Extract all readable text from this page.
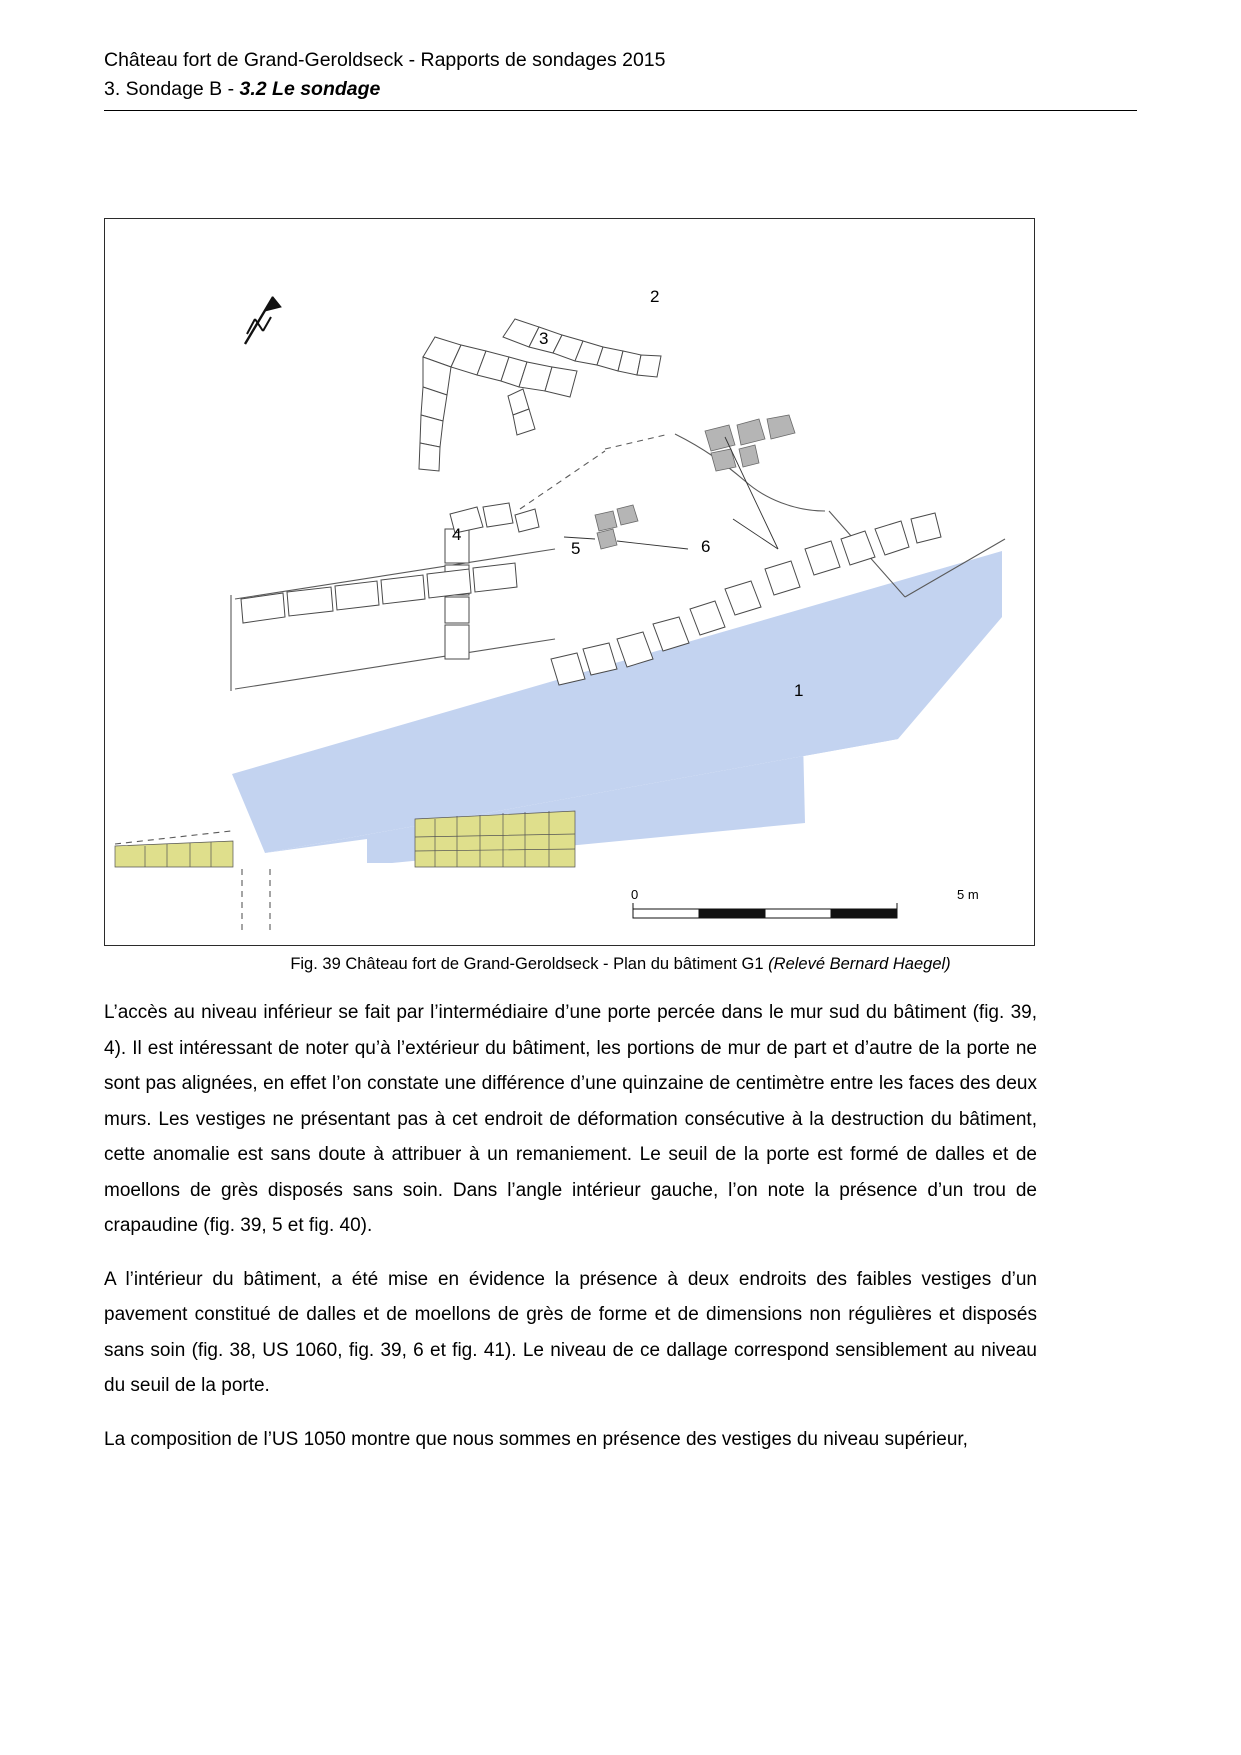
Château fort de Grand-Geroldseck - Rapports de sondages 2015
3. Sondage B - 3.2 Le sondage
1
2
3
4
5	6
0	5 m
Fig. 39 Château fort de Grand-Geroldseck - Plan du bâtiment G1 (Relevé Bernard Haegel)

L’accès au niveau inférieur se fait par l’intermédiaire d’une porte percée dans le mur sud du bâtiment (fig. 39, 4). Il est intéressant de noter qu’à l’extérieur du bâtiment, les portions de mur de part et d’autre de la porte ne sont pas alignées, en effet l’on constate une différence d’une quinzaine de centimètre entre les faces des deux murs. Les vestiges ne présentant pas à cet endroit de déformation consécutive à la destruction du bâtiment, cette anomalie est sans doute à attribuer à un remaniement. Le seuil de la porte est formé de dalles et de moellons de grès disposés sans soin. Dans l’angle intérieur gauche, l’on note la présence d’un trou de crapaudine (fig. 39, 5 et fig. 40).

A l’intérieur du bâtiment, a été mise en évidence la présence à deux endroits des faibles vestiges d’un pavement constitué de dalles et de moellons de grès de forme et de dimensions non régulières et disposés sans soin (fig. 38, US 1060, fig. 39, 6 et fig. 41). Le niveau de ce dallage correspond sensiblement au niveau du seuil de la porte.

La composition de l’US 1050 montre que nous sommes en présence des vestiges du niveau supérieur,
